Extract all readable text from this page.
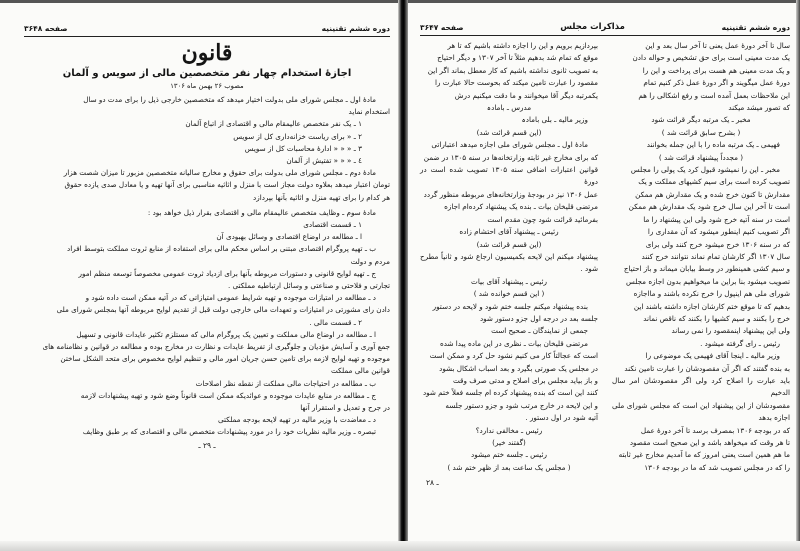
دوره ششم تقنینیه
صفحه ۳۶۴۸
قانون
اجازهٔ استخدام چهار نفر متخصصین مالی از سویس و آلمان
مصوب ۲۶ بهمن ماه ۱۳۰۶

مادهٔ اول ـ مجلس شورای ملی بدولت اختیار میدهد که متخصصین خارجی ذیل را برای مدت دو سال

استخدام نماید

۱ ـ یک نفر متخصص عالیمقام مالی و اقتصادی از اتباع آلمان

۲ ـ « برای ریاست خزانه‌داری کل از سویس

۳ ـ « « « ادارهٔ محاسبات کل از سویس

٤ ـ « « « تفتیش از آلمان

مادهٔ دوم ـ مجلس شورای ملی بدولت برای حقوق و مخارج سالیانه متخصصین مزبور تا میزان شصت هزار

تومان اعتبار میدهد بعلاوه دولت مجاز است با منزل و اثاثیه مناسبی برای آنها تهیه و یا معادل صدی یازده حقوق

هر کدام را برای تهیه منزل و اثاثیه بآنها بپردازد

مادهٔ سوم ـ وظایف متخصص عالیمقام مالی و اقتصادی بقرار ذیل خواهد بود :

۱ ـ قسمت اقتصادی

ا ـ مطالعه در اوضاع اقتصادی و وسائل بهبودی آن

ب ـ تهیه پروگرام اقتصادی مبتنی بر اساس محکم مالی برای استفاده از منابع ثروت مملکت بتوسط افراد

مردم و دولت

ج ـ تهیه لوایح قانونی و دستورات مربوطه بآنها برای ازدیاد ثروت عمومی مخصوصاً توسعه منظم امور

تجارتی و فلاحتی و صناعتی و وسائل ارتباطیه مملکتی .

د ـ مطالعه در امتیازات موجوده و تهیه شرایط عمومی امتیازاتی که در آتیه ممکن است داده شود و

دادن رای مشورتی در امتیازات و تعهدات مالی خارجی دولت قبل از تقدیم لوایح مربوطه آنها بمجلس شورای ملی

۲ ـ قسمت مالی .

ا ـ مطالعه در اوضاع مالی مملکت و تعیین یک پروگرام مالی که مستلزم تکثیر عایدات قانونی و تسهیل

جمع آوری و آسایش مؤدیان و جلوگیری از تفریط عایدات و نظارت در مخارج بوده و مطالعه در قوانین و نظامنامه های

موجوده و تهیه لوایح لازمه برای تامین حسن جریان امور مالی و تنظیم لوایح مخصوص برای متحد الشکل ساختن

قوانین مالی مملکت

ب ـ مطالعه در احتیاجات مالی مملکت از نقطه نظر اصلاحات

ج ـ مطالعه در منابع عایدات موجوده و عوائدیکه ممکن است قانوناً وضع شود و تهیه پیشنهادات لازمه

در جرح و تعدیل و استقرار آنها

د ـ معاضدت با وزیر مالیه در تهیه لایحه بودجه مملکتی

تبصره ـ وزیر مالیه نظریات خود را در مورد پیشنهادات متخصص مالی و اقتصادی که بر طبق وظایف

ـ ۲۹ ـ
دوره ششم تقنینیه
مذاکرات مجلس
صفحه ۳۶۴۷

سال تا آخر دورهٔ عمل یعنی تا آخر سال بعد و این

یک مدت معینی است برای حق تشخیص و حواله دادن

و یک مدت معینی هم هست برای پرداخت و این را

دورهٔ عمل میگویند و اگر دورهٔ عمل ذکر کنیم تمام

این ملاحظات بعمل آمده است و رفع اشکالی را هم

که تصور میشد میکند

مخبر ـ یک مرتبه دیگر قرائت شود

( بشرح سابق قرائت شد )

فهیمی ـ یک مرتبه ماده را با این جمله بخوانند

( مجدداً پیشنهاد قرائت شد )

مخبر ـ این را نمیشود قبول کرد یک پولی را مجلس

تصویب کرده است برای سیم کشیهای مملکت و یک

مقدارش تا کنون خرج شده و یک مقدارش هم ممکن

است تا آخر این سال خرج شود یک مقدارش هم ممکن

است در سنه آتیه خرج شود ولی این پیشنهاد را ما

اگر تصویب کنیم اینطور میشود که آن مقداری را

که در سنه ۱۳۰۶ خرج میشود خرج کنند ولی برای

سال ۱۳۰۷ اگر کارشان تمام نماند نتوانند خرج کنند

و سیم کشی همینطور در وسط بیابان میماند و باز احتیاج

تصویب میشود بنا براین ما میخواهیم بدون اجازه مجلس

شورای ملی هم اینپول را خرج نکرده باشند و مااجازه

بدهیم که تا موقع ختم کارشان اجازه داشته باشند این

خرج را بکنند و سیم کشیها را بکنند که ناقص نماند

ولی این پیشنهاد اینمقصود را نمی رساند

رئیس ـ رای گرفته میشود .

وزیر مالیه ـ اینجا آقای فهیمی یک موضوعی را

به بنده گفتند که اگر آن مقصودشان را عبارت تامین نکند

باید عبارت را اصلاح کرد ولی اگر مقصودشان امر سال الدخیم

مقصودشان از این پیشنهاد این است که مجلس شورای ملی اجازه بدهد

که در بودجه ۱۳۰۶ بمصرف برسد تا آخر دورهٔ عمل

تا هر وقت که میخواهد باشد و این صحیح است مقصود

ما هم همین است یعنی امروز که ما آمدیم مخارج غیر ثابته

را که در مجلس تصویب شد که ما در بودجه ۱۳۰۶

بپردازیم برویم و این را اجازه داشته باشیم که تا هر

موقع که تمام شد بدهیم مثلاً تا آخر ۱۳۰۷ و دیگر احتیاج

به تصویب ثانوی نداشته باشیم که کار معطل بماند اگر این

مقصود را عبارت تامین میکند که بحوست حالا عبارت را

یکمرتبه دیگر آقا میخوانند و ما دقت میکنیم درش

مدرس ـ بامادہ

وزیر مالیه ـ بلی بامادہ

(این قسم قرائت شد)

مادهٔ اول ـ مجلس شورای ملی اجازه میدهد اعتباراتی

که برای مخارج غیر ثابته وزارتخانه‌ها در سنه ۱۳۰۵ در ضمن

قوانین اعتبارات اضافی سنه ۱۳۰۵ تصویب شده است در دورهٔ

عمل ۱۳۰۶ نیز در بودجهٔ وزارتخانه‌های مربوطه منظور گردد

مرتضی قلیخان بیات ـ بنده یک پیشنهاد کرده‌ام اجازه

بفرمائید قرائت شود چون مقدم است

رئیس ـ پیشنهاد آقای احتشام زاده

(این قسم قرائت شد)

پیشنهاد میکنم این لایحه بکمیسیون ارجاع شود و ثانیاً مطرح شود .

رئیس ـ پیشنهاد آقای بیات

( این قسم خوانده شد )

بنده پیشنهاد میکنم جلسه ختم شود و لایحه در دستور

جلسه بعد در درجه اول جزو دستور شود

جمعی از نمایندگان ـ صحیح است

مرتضی قلیخان بیات ـ نظری در این ماده پیدا شده

است که عجالتاً کار می کنیم نشود حل کرد و ممکن است

در مجلس یک صورتی بگیرد و بعد اسباب اشکال بشود

و باز بیاید مجلس برای اصلاح و مدتی صرف وقت

کنند این است که بنده پیشنهاد کرده ام جلسه فعلاً ختم شود

و این لایحه در خارج مرتب شود و جزو دستور جلسه

آتیه شود در اول دستور .

رئیس ـ مخالفی ندارد؟

(گفتند خیر)

رئیس ـ جلسه ختم میشود

( مجلس یک ساعت بعد از ظهر ختم شد )

ـ ۲۸
